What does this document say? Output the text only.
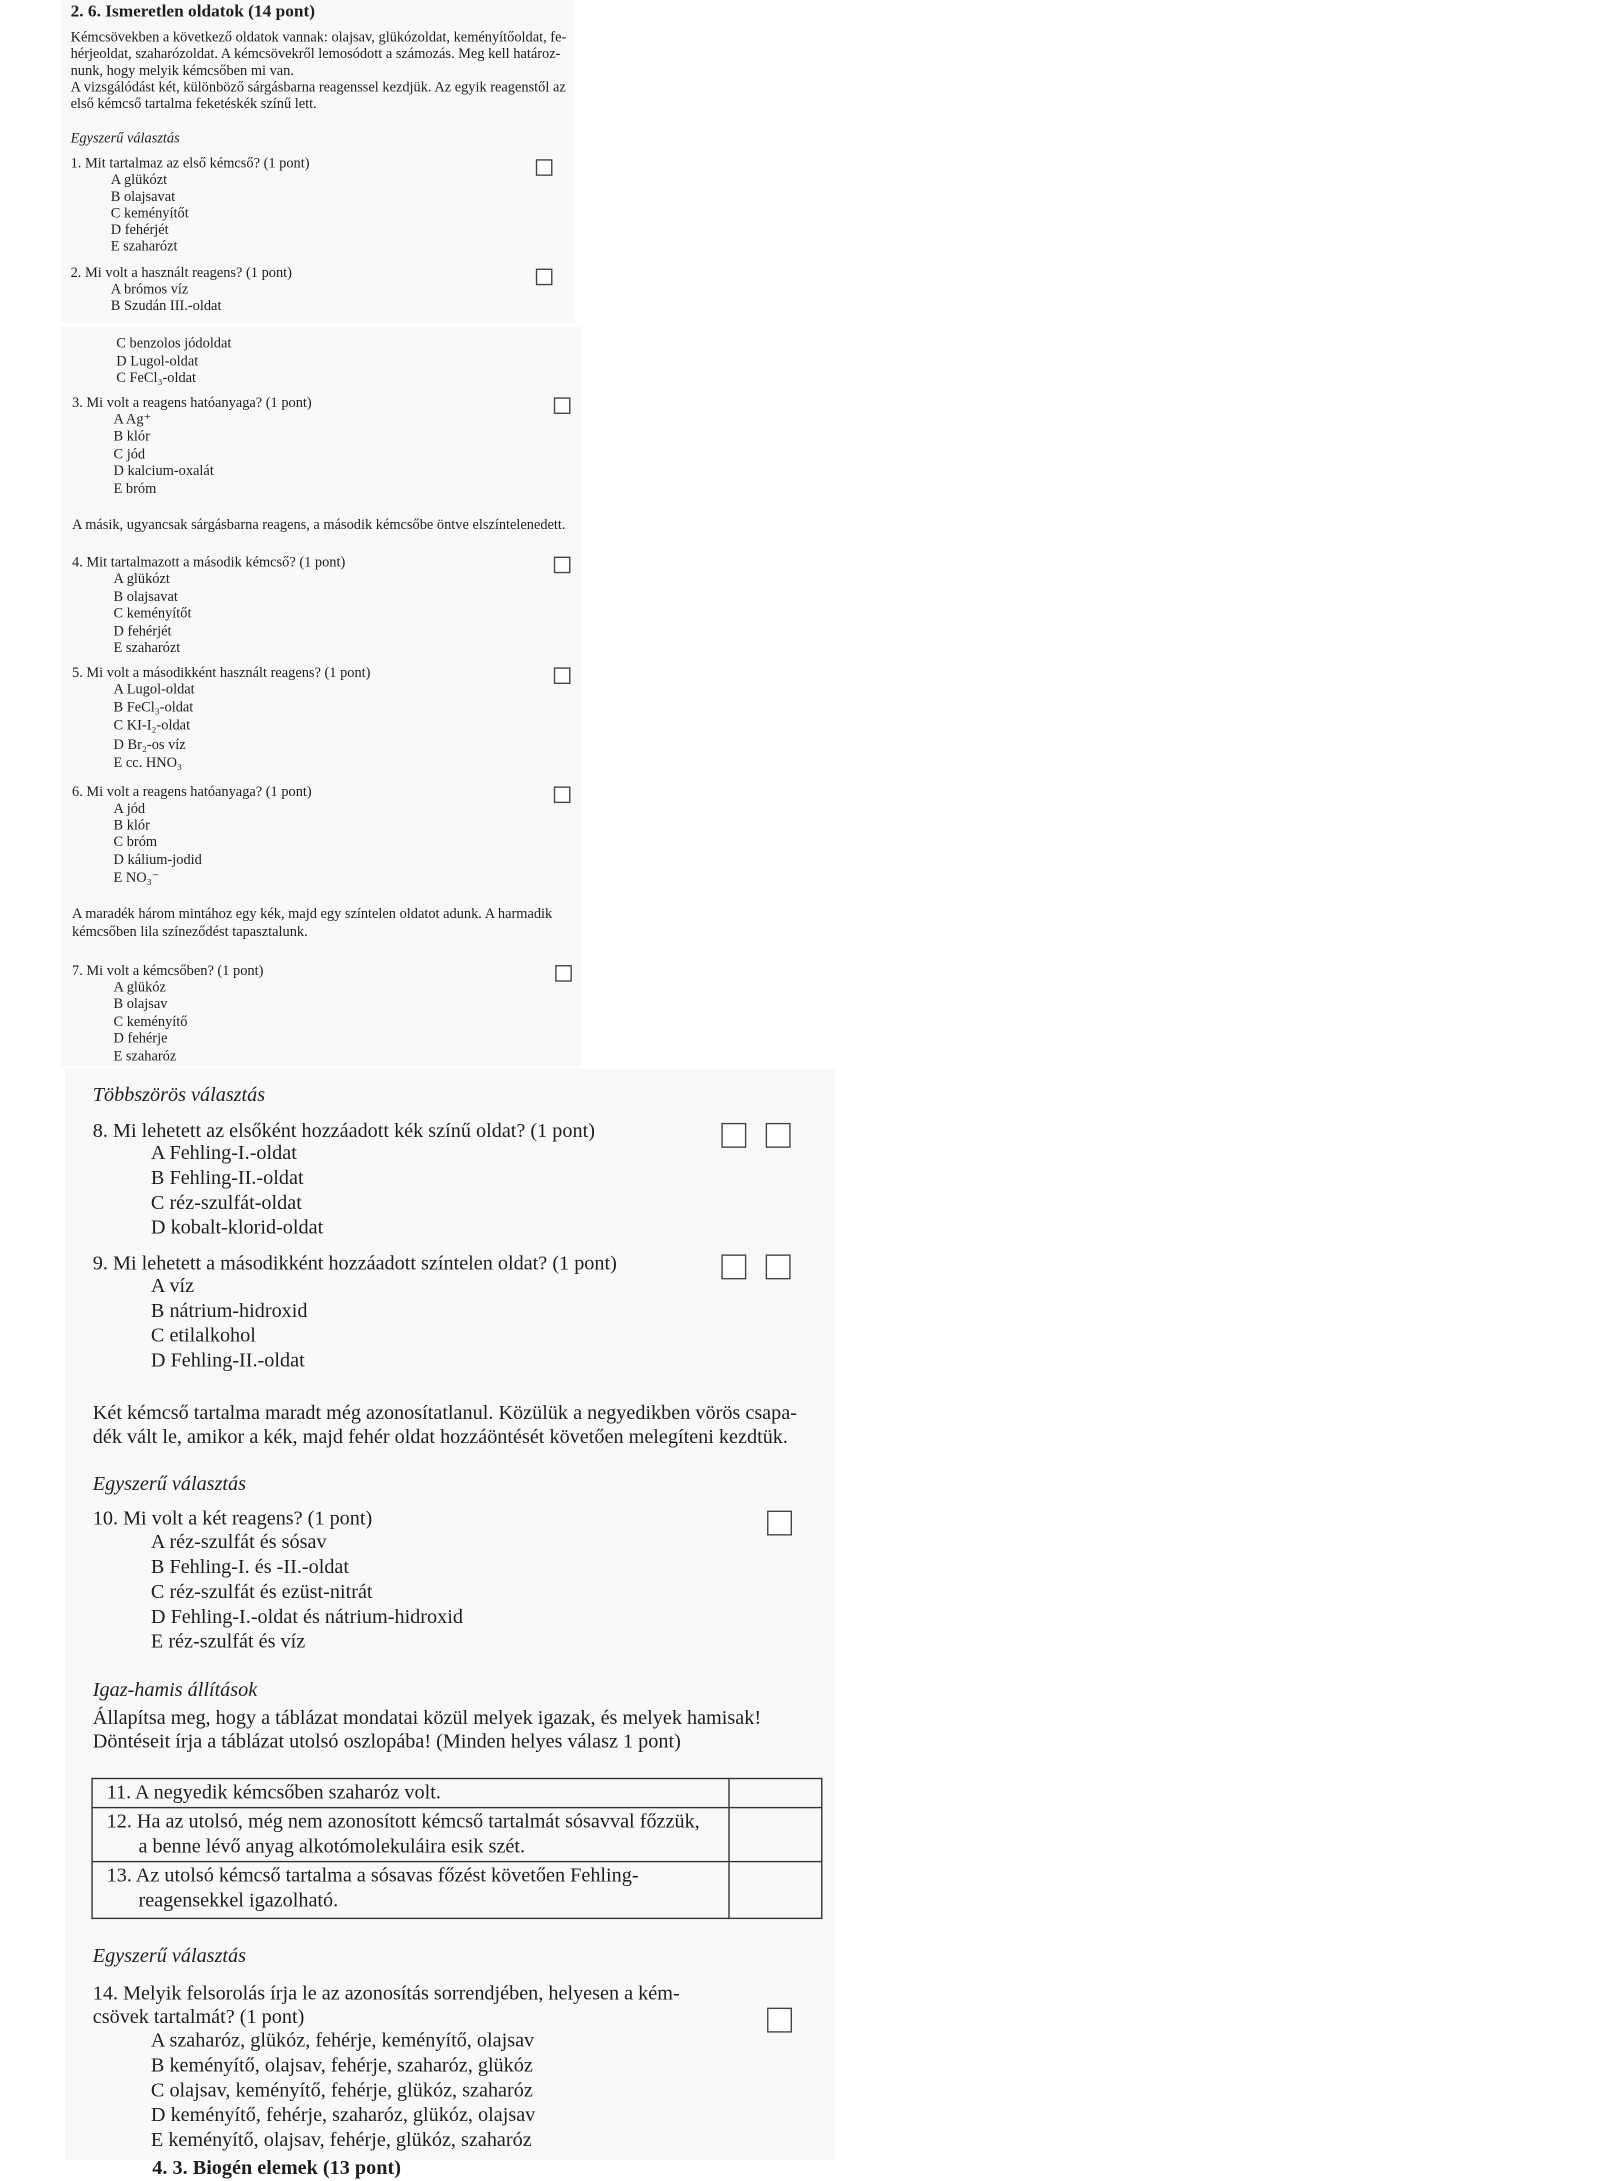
11. A negyedik kémcsőben szaharóz volt.	
12. Ha az utolsó, még nem azonosított kémcső tartalmát sósavval főzzük,
a benne lévő anyag alkotómolekuláira esik szét.	

13. Az utolsó kémcső tartalma a sósavas főzést követően Fehling-
reagensekkel igazolható.	

2. 6. Ismeretlen oldatok (14 pont)
Kémcsövekben a következő oldatok vannak: olajsav, glükózoldat, keményítőoldat, fe-
hérjeoldat, szaharózoldat. A kémcsövekről lemosódott a számozás. Meg kell határoz-
nunk, hogy melyik kémcsőben mi van.
A vizsgálódást két, különböző sárgásbarna reagenssel kezdjük. Az egyik reagenstől az
első kémcső tartalma feketéskék színű lett.
Egyszerű választás
1. Mit tartalmaz az első kémcső? (1 pont)
A glükózt
B olajsavat
C keményítőt
D fehérjét
E szaharózt
2. Mi volt a használt reagens? (1 pont)
A brómos víz
B Szudán III.-oldat
C benzolos jódoldat
D Lugol-oldat
C FeCl₃-oldat
3. Mi volt a reagens hatóanyaga? (1 pont)
A Ag⁺
B klór
C jód
D kalcium-oxalát
E bróm
A másik, ugyancsak sárgásbarna reagens, a második kémcsőbe öntve elszíntelenedett.
4. Mit tartalmazott a második kémcső? (1 pont)
A glükózt
B olajsavat
C keményítőt
D fehérjét
E szaharózt
5. Mi volt a másodikként használt reagens? (1 pont)
A Lugol-oldat
B FeCl₃-oldat
C KI-I₂-oldat
D Br₂-os víz
E cc. HNO₃
6. Mi volt a reagens hatóanyaga? (1 pont)
A jód
B klór
C bróm
D kálium-jodid
E NO₃⁻
A maradék három mintához egy kék, majd egy színtelen oldatot adunk. A harmadik
kémcsőben lila színeződést tapasztalunk.
7. Mi volt a kémcsőben? (1 pont)
A glükóz
B olajsav
C keményítő
D fehérje
E szaharóz
Többszörös választás
8. Mi lehetett az elsőként hozzáadott kék színű oldat? (1 pont)
A Fehling-I.-oldat
B Fehling-II.-oldat
C réz-szulfát-oldat
D kobalt-klorid-oldat
9. Mi lehetett a másodikként hozzáadott színtelen oldat? (1 pont)
A víz
B nátrium-hidroxid
C etilalkohol
D Fehling-II.-oldat
Két kémcső tartalma maradt még azonosítatlanul. Közülük a negyedikben vörös csapa-
dék vált le, amikor a kék, majd fehér oldat hozzáöntését követően melegíteni kezdtük.
Egyszerű választás
10. Mi volt a két reagens? (1 pont)
A réz-szulfát és sósav
B Fehling-I. és -II.-oldat
C réz-szulfát és ezüst-nitrát
D Fehling-I.-oldat és nátrium-hidroxid
E réz-szulfát és víz
Igaz-hamis állítások
Állapítsa meg, hogy a táblázat mondatai közül melyek igazak, és melyek hamisak!
Döntéseit írja a táblázat utolsó oszlopába! (Minden helyes válasz 1 pont)
Egyszerű választás
14. Melyik felsorolás írja le az azonosítás sorrendjében, helyesen a kém-
csövek tartalmát? (1 pont)
A szaharóz, glükóz, fehérje, keményítő, olajsav
B keményítő, olajsav, fehérje, szaharóz, glükóz
C olajsav, keményítő, fehérje, glükóz, szaharóz
D keményítő, fehérje, szaharóz, glükóz, olajsav
E keményítő, olajsav, fehérje, glükóz, szaharóz
4. 3. Biogén elemek (13 pont)
